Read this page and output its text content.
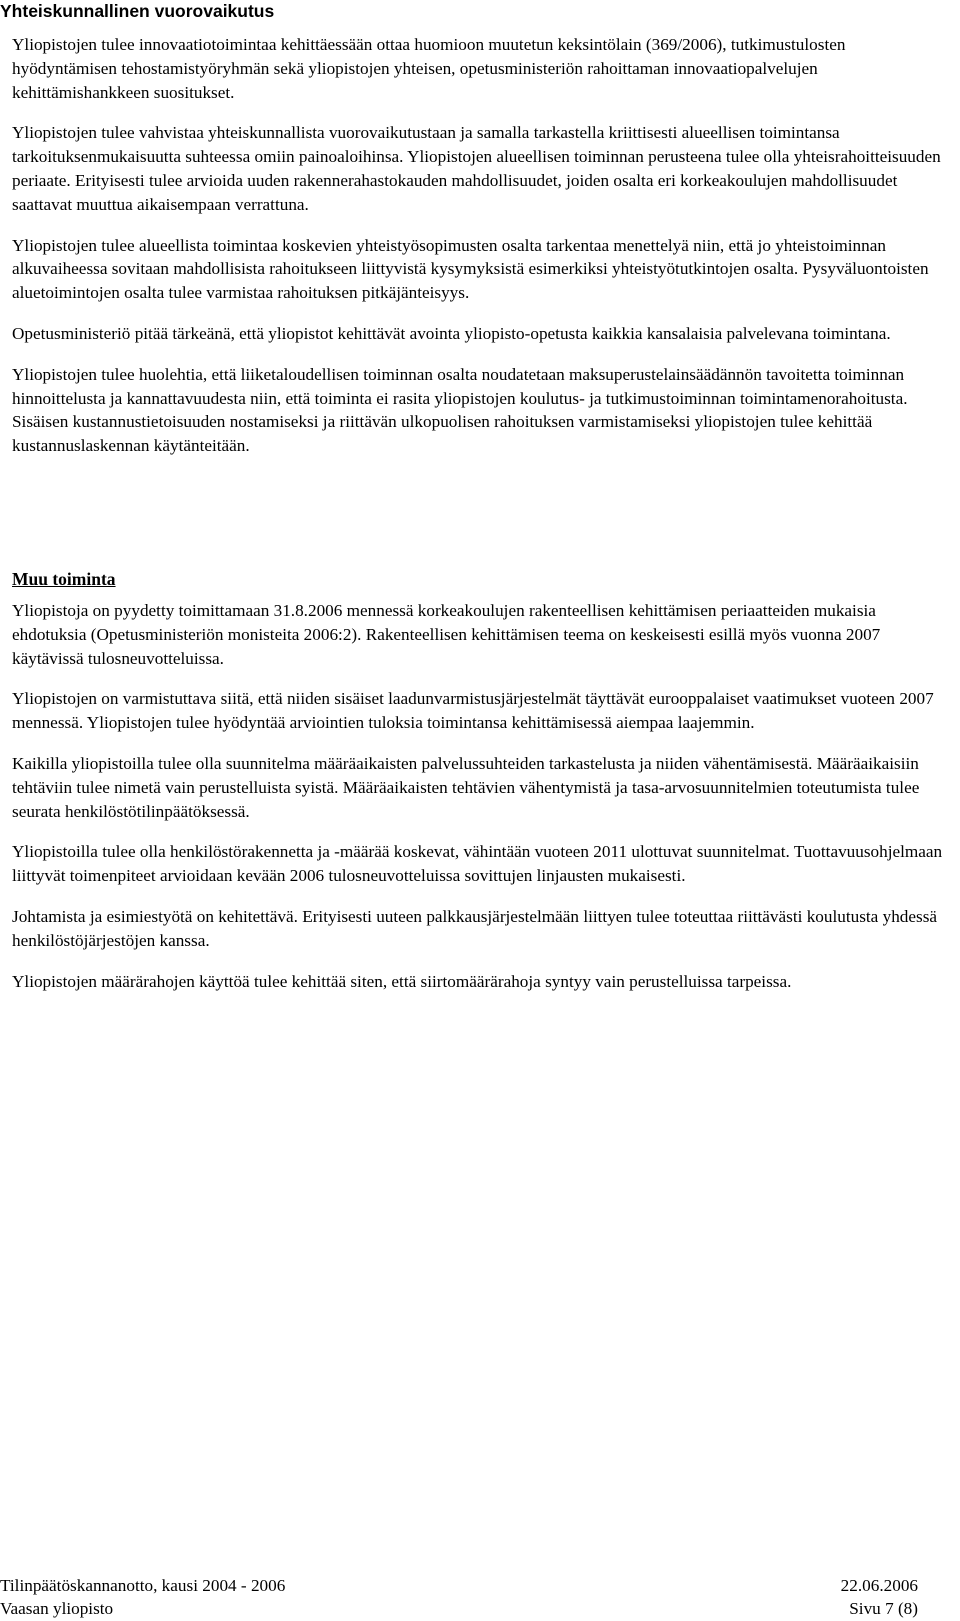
Yhteiskunnallinen vuorovaikutus

Yliopistojen tulee innovaatiotoimintaa kehittäessään ottaa huomioon muutetun keksintölain (369/2006), tutkimustulosten hyödyntämisen tehostamistyöryhmän sekä yliopistojen yhteisen, opetusministeriön rahoittaman innovaatiopalvelujen kehittämishankkeen suositukset.

Yliopistojen tulee vahvistaa yhteiskunnallista vuorovaikutustaan ja samalla tarkastella kriittisesti alueellisen toimintansa tarkoituksenmukaisuutta suhteessa omiin painoaloihinsa. Yliopistojen alueellisen toiminnan perusteena tulee olla yhteisrahoitteisuuden periaate. Erityisesti tulee arvioida uuden rakennerahastokauden mahdollisuudet, joiden osalta eri korkeakoulujen mahdollisuudet saattavat muuttua aikaisempaan verrattuna.

Yliopistojen tulee alueellista toimintaa koskevien yhteistyösopimusten osalta tarkentaa menettelyä niin, että jo yhteistoiminnan alkuvaiheessa sovitaan mahdollisista rahoitukseen liittyvistä kysymyksistä esimerkiksi yhteistyötutkintojen osalta. Pysyväluontoisten aluetoimintojen osalta tulee varmistaa rahoituksen pitkäjänteisyys.

Opetusministeriö pitää tärkeänä, että yliopistot kehittävät avointa yliopisto-opetusta kaikkia kansalaisia palvelevana toimintana.

Yliopistojen tulee huolehtia, että liiketaloudellisen toiminnan osalta noudatetaan maksuperustelainsäädännön tavoitetta toiminnan hinnoittelusta ja kannattavuudesta niin, että toiminta ei rasita yliopistojen koulutus- ja tutkimustoiminnan toimintamenorahoitusta. Sisäisen kustannustietoisuuden nostamiseksi ja riittävän ulkopuolisen rahoituksen varmistamiseksi yliopistojen tulee kehittää kustannuslaskennan käytänteitään.

Muu toiminta

Yliopistoja on pyydetty toimittamaan 31.8.2006 mennessä korkeakoulujen rakenteellisen kehittämisen periaatteiden mukaisia ehdotuksia (Opetusministeriön monisteita 2006:2). Rakenteellisen kehittämisen teema on keskeisesti esillä myös vuonna 2007 käytävissä tulosneuvotteluissa.

Yliopistojen on varmistuttava siitä, että niiden sisäiset laadunvarmistusjärjestelmät täyttävät eurooppalaiset vaatimukset vuoteen 2007 mennessä. Yliopistojen tulee hyödyntää arviointien tuloksia toimintansa kehittämisessä aiempaa laajemmin.

Kaikilla yliopistoilla tulee olla suunnitelma määräaikaisten palvelussuhteiden tarkastelusta ja niiden vähentämisestä. Määräaikaisiin tehtäviin tulee nimetä vain perustelluista syistä. Määräaikaisten tehtävien vähentymistä ja tasa-arvosuunnitelmien toteutumista tulee seurata henkilöstötilinpäätöksessä.

Yliopistoilla tulee olla henkilöstörakennetta ja -määrää koskevat, vähintään vuoteen 2011 ulottuvat suunnitelmat. Tuottavuusohjelmaan liittyvät toimenpiteet arvioidaan kevään 2006 tulosneuvotteluissa sovittujen linjausten mukaisesti.

Johtamista ja esimiestyötä on kehitettävä. Erityisesti uuteen palkkausjärjestelmään liittyen tulee toteuttaa riittävästi koulutusta yhdessä henkilöstöjärjestöjen kanssa.

Yliopistojen määrärahojen käyttöä tulee kehittää siten, että siirtomäärärahoja syntyy vain perustelluissa tarpeissa.

Tilinpäätöskannanotto, kausi 2004 - 2006	22.06.2006
Vaasan yliopisto	Sivu 7 (8)
